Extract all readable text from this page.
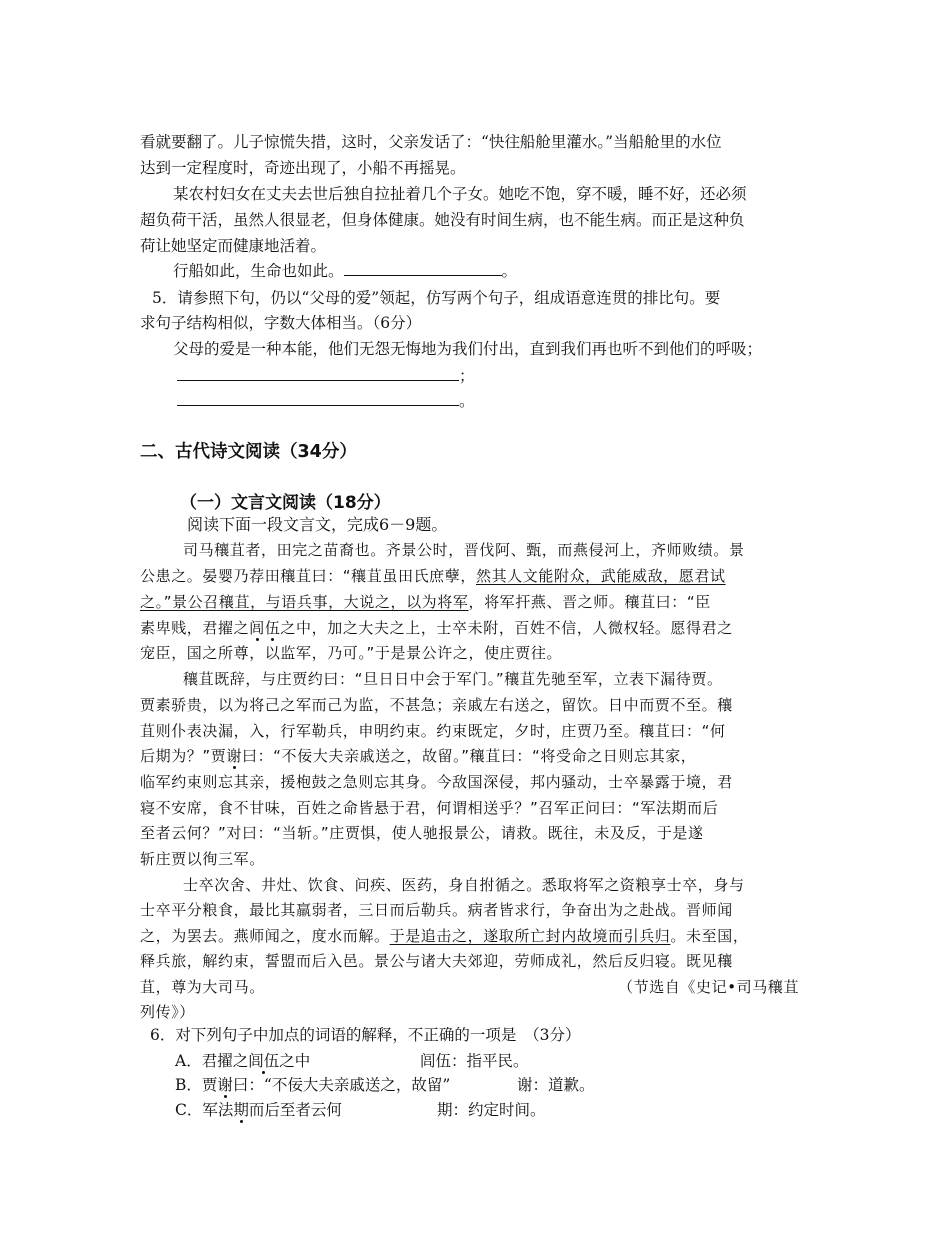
看就要翻了。儿子惊慌失措，这时，父亲发话了：“快往船舱里灌水。”当船舱里的水位
达到一定程度时，奇迹出现了，小船不再摇晃。
某农村妇女在丈夫去世后独自拉扯着几个子女。她吃不饱，穿不暖，睡不好，还必须
超负荷干活，虽然人很显老，但身体健康。她没有时间生病，也不能生病。而正是这种负
荷让她坚定而健康地活着。
行船如此，生命也如此。	。
5．请参照下句，仍以“父母的爱”领起，仿写两个句子，组成语意连贯的排比句。要
求句子结构相似，字数大体相当。（6分）
父母的爱是一种本能，他们无怨无悔地为我们付出，直到我们再也听不到他们的呼吸；
；
。
二、古代诗文阅读（34分）
（一）文言文阅读（18分）
阅读下面一段文言文，完成6－9题。
司马穰苴者，田完之苗裔也。齐景公时，晋伐阿、甄，而燕侵河上，齐师败绩。景
公患之。晏婴乃荐田穰苴曰：“穰苴虽田氏庶孽，然其人文能附众，武能威敌，愿君试
之。”景公召穰苴，与语兵事，大说之，以为将军，将军扞燕、晋之师。穰苴曰：“臣
素卑贱，君擢之闾伍之中，加之大夫之上，士卒未附，百姓不信，人微权轻。愿得君之
宠臣，国之所尊，以监军，乃可。”于是景公许之，使庄贾往。
穰苴既辞，与庄贾约曰：“旦日日中会于军门。”穰苴先驰至军，立表下漏待贾。
贾素骄贵，以为将己之军而己为监，不甚急；亲戚左右送之，留饮。日中而贾不至。穰
苴则仆表决漏，入，行军勒兵，申明约束。约束既定，夕时，庄贾乃至。穰苴曰：“何
后期为？”贾谢曰：“不佞大夫亲戚送之，故留。”穰苴曰：“将受命之日则忘其家，
临军约束则忘其亲，援枹鼓之急则忘其身。今敌国深侵，邦内骚动，士卒暴露于境，君
寝不安席，食不甘味，百姓之命皆悬于君，何谓相送乎？”召军正问曰：“军法期而后
至者云何？”对曰：“当斩。”庄贾惧，使人驰报景公，请救。既往，未及反，于是遂
斩庄贾以徇三军。
士卒次舍、井灶、饮食、问疾、医药，身自拊循之。悉取将军之资粮享士卒，身与
士卒平分粮食，最比其羸弱者，三日而后勒兵。病者皆求行，争奋出为之赴战。晋师闻
之，为罢去。燕师闻之，度水而解。于是追击之，遂取所亡封内故境而引兵归。未至国，
释兵旅，解约束，誓盟而后入邑。景公与诸大夫郊迎，劳师成礼，然后反归寝。既见穰
苴，尊为大司马。	（节选自《史记•司马穰苴
列传》）
6．对下列句子中加点的词语的解释，不正确的一项是　（3分）
A．君擢之闾伍之中	闾伍：指平民。
B．贾谢曰：“不佞大夫亲戚送之，故留”	谢：道歉。
C．军法期而后至者云何	期：约定时间。
